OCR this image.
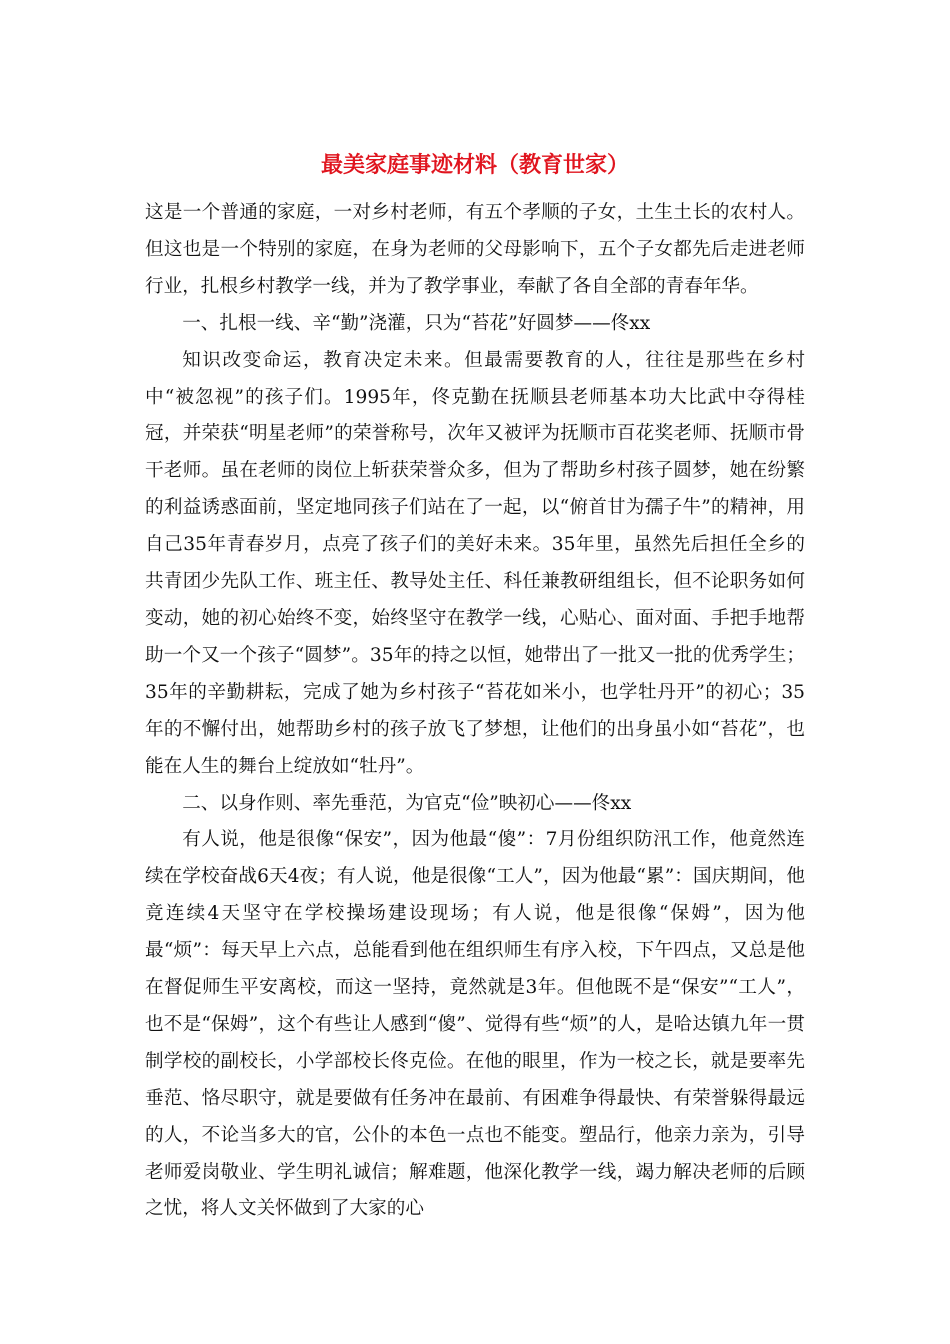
最美家庭事迹材料（教育世家）

这是一个普通的家庭，一对乡村老师，有五个孝顺的子女，土生土长的农村人。但这也是一个特别的家庭，在身为老师的父母影响下，五个子女都先后走进老师行业，扎根乡村教学一线，并为了教学事业，奉献了各自全部的青春年华。

一、扎根一线、辛“勤”浇灌，只为“苔花”好圆梦——佟xx

知识改变命运，教育决定未来。但最需要教育的人，往往是那些在乡村中“被忽视”的孩子们。1995年，佟克勤在抚顺县老师基本功大比武中夺得桂冠，并荣获“明星老师”的荣誉称号，次年又被评为抚顺市百花奖老师、抚顺市骨干老师。虽在老师的岗位上斩获荣誉众多，但为了帮助乡村孩子圆梦，她在纷繁的利益诱惑面前，坚定地同孩子们站在了一起，以“俯首甘为孺子牛”的精神，用自己35年青春岁月，点亮了孩子们的美好未来。35年里，虽然先后担任全乡的共青团少先队工作、班主任、教导处主任、科任兼教研组组长，但不论职务如何变动，她的初心始终不变，始终坚守在教学一线，心贴心、面对面、手把手地帮助一个又一个孩子“圆梦”。35年的持之以恒，她带出了一批又一批的优秀学生；35年的辛勤耕耘，完成了她为乡村孩子“苔花如米小，也学牡丹开”的初心；35年的不懈付出，她帮助乡村的孩子放飞了梦想，让他们的出身虽小如“苔花”，也能在人生的舞台上绽放如“牡丹”。

二、以身作则、率先垂范，为官克“俭”映初心——佟xx

有人说，他是很像“保安”，因为他最“傻”：7月份组织防汛工作，他竟然连续在学校奋战6天4夜；有人说，他是很像“工人”，因为他最“累”：国庆期间，他竟连续4天坚守在学校操场建设现场；有人说，他是很像“保姆”，因为他最“烦”：每天早上六点，总能看到他在组织师生有序入校，下午四点，又总是他在督促师生平安离校，而这一坚持，竟然就是3年。但他既不是“保安”“工人”，也不是“保姆”，这个有些让人感到“傻”、觉得有些“烦”的人，是哈达镇九年一贯制学校的副校长，小学部校长佟克俭。在他的眼里，作为一校之长，就是要率先垂范、恪尽职守，就是要做有任务冲在最前、有困难争得最快、有荣誉躲得最远的人，不论当多大的官，公仆的本色一点也不能变。塑品行，他亲力亲为，引导老师爱岗敬业、学生明礼诚信；解难题，他深化教学一线，竭力解决老师的后顾之忧，将人文关怀做到了大家的心
